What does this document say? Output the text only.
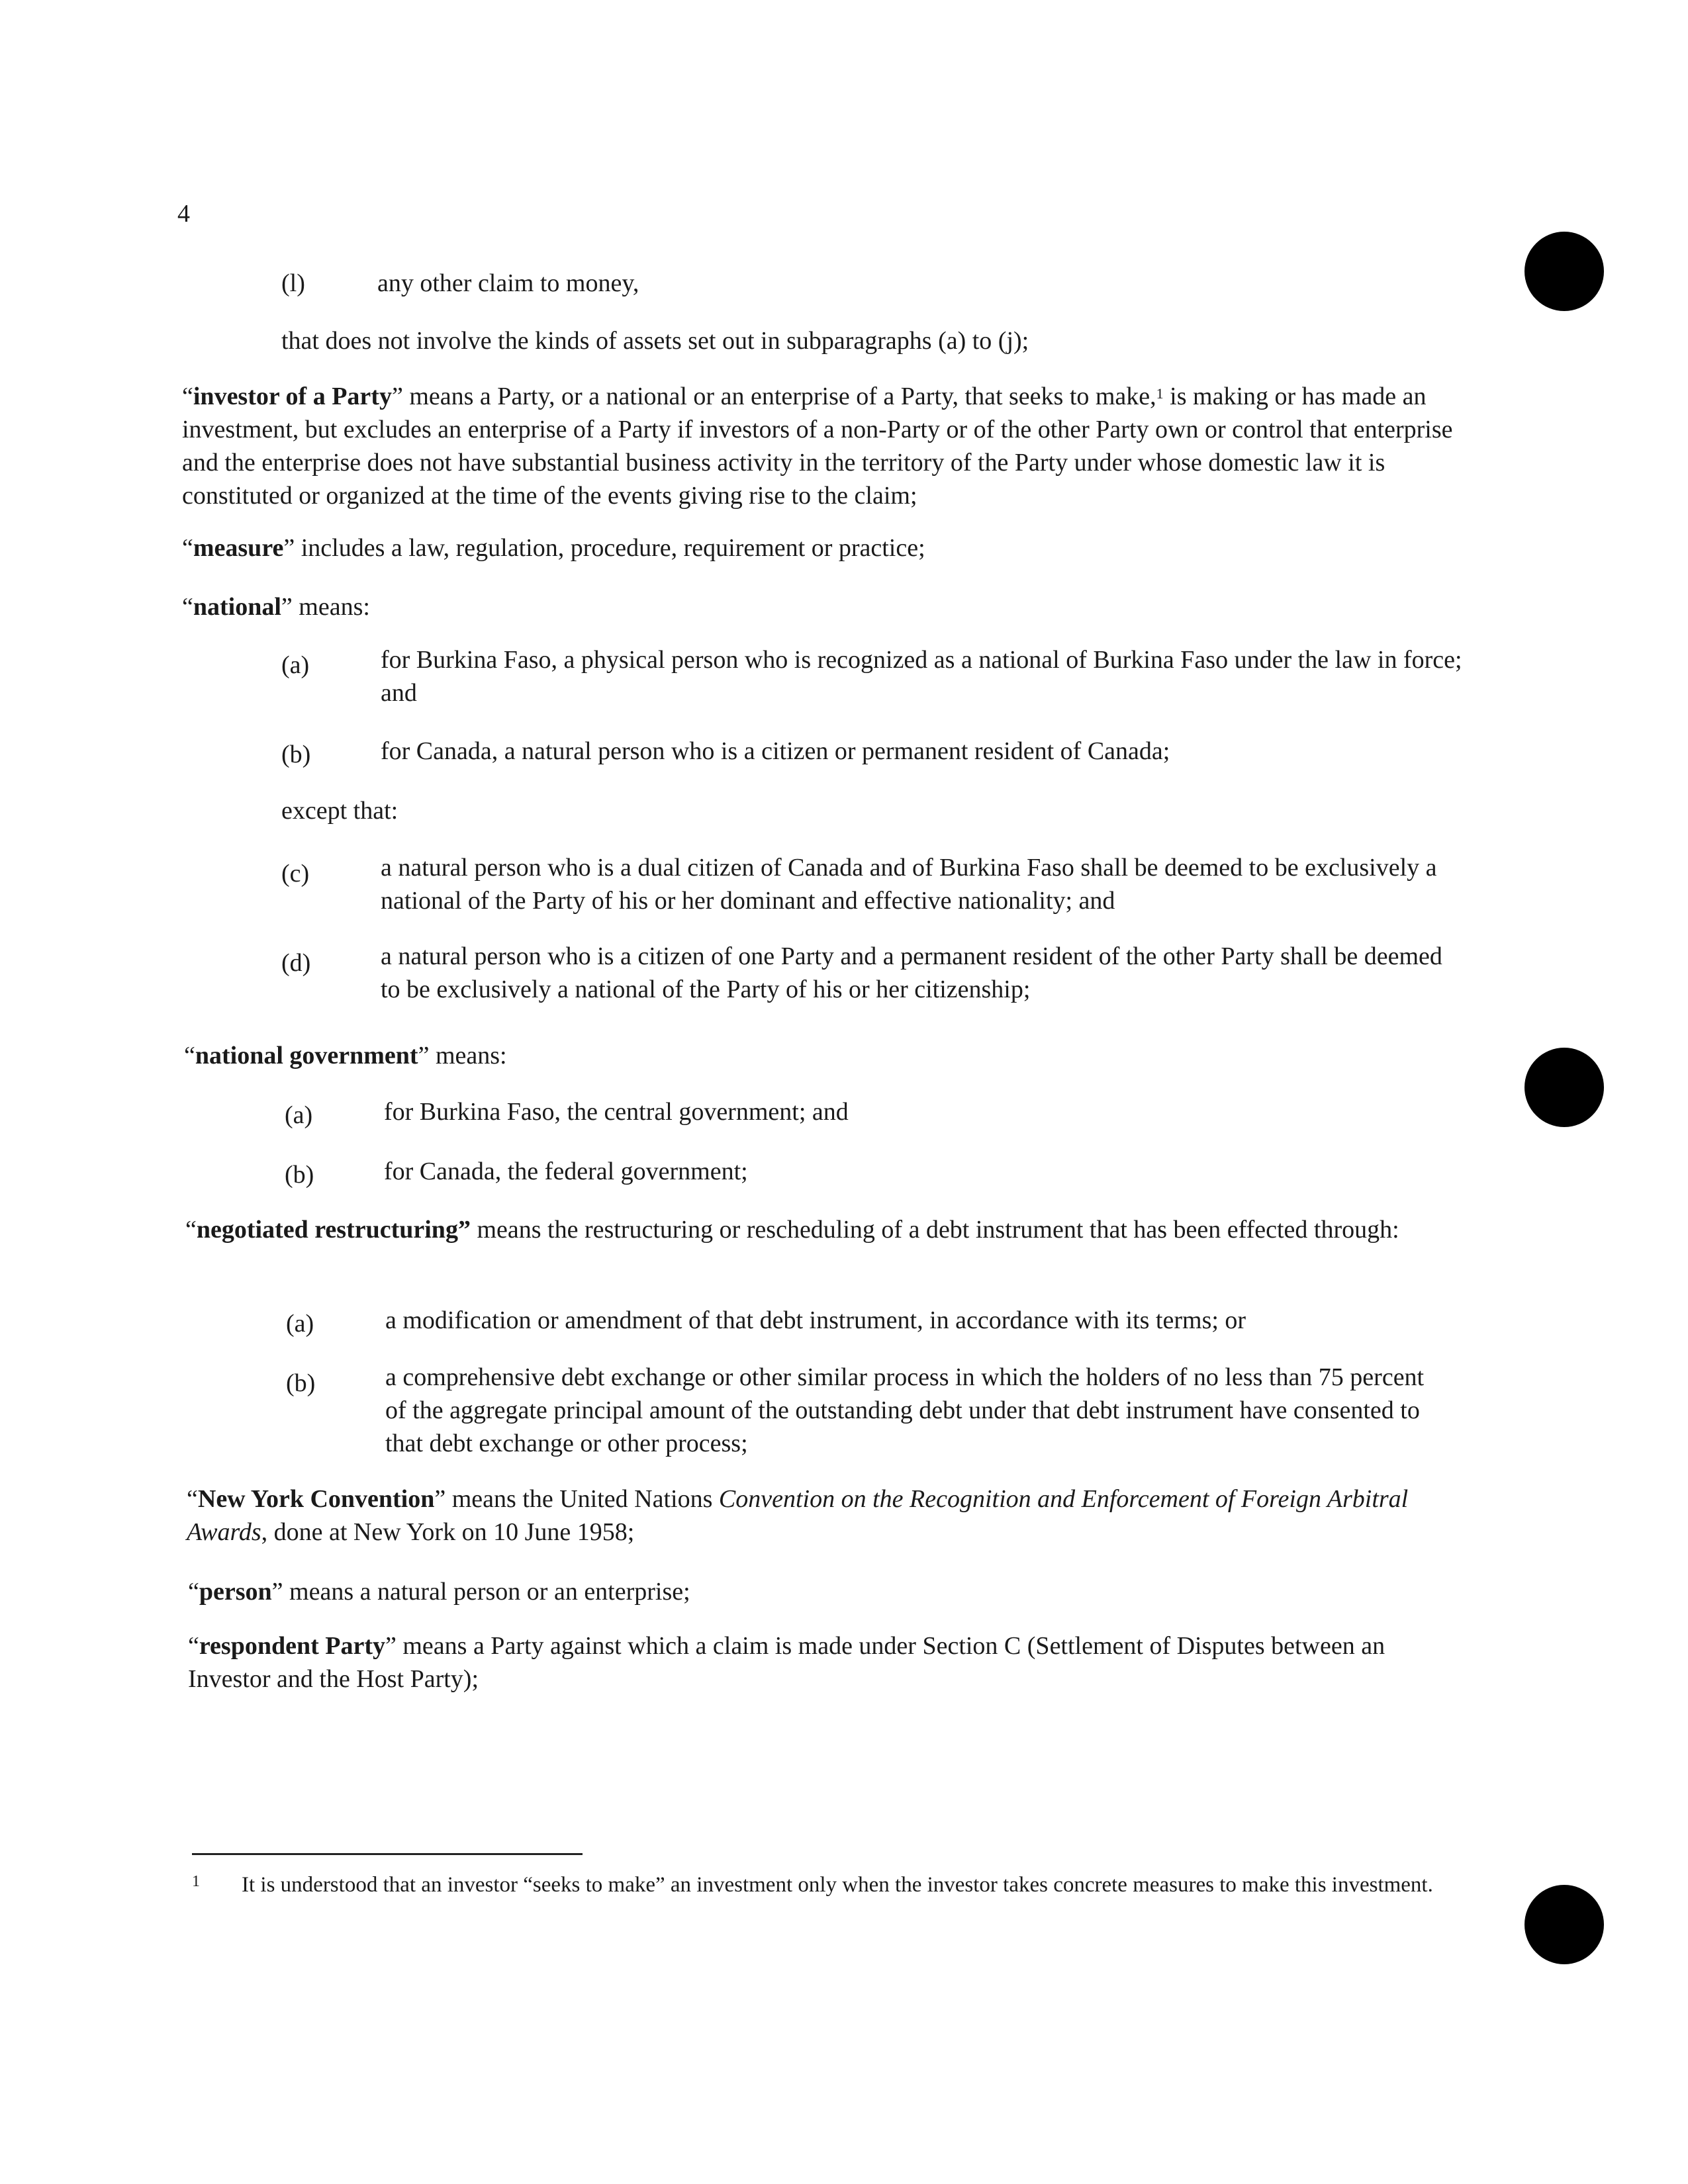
4
(l)	any other claim to money,
that does not involve the kinds of assets set out in subparagraphs (a) to (j);

“investor of a Party” means a Party, or a national or an enterprise of a Party, that seeks to make,$^1$ is making or has made an investment, but excludes an enterprise of a Party if investors of a non-Party or of the other Party own or control that enterprise and the enterprise does not have substantial business activity in the territory of the Party under whose domestic law it is constituted or organized at the time of the events giving rise to the claim;

“measure” includes a law, regulation, procedure, requirement or practice;

“national” means:

(a)	for Burkina Faso, a physical person who is recognized as a national of Burkina Faso under the law in force; and

(b)	for Canada, a natural person who is a citizen or permanent resident of Canada;
except that:
(c)	a natural person who is a dual citizen of Canada and of Burkina Faso shall be deemed to be exclusively a national of the Party of his or her dominant and effective nationality; and

(d)	a natural person who is a citizen of one Party and a permanent resident of the other Party shall be deemed to be exclusively a national of the Party of his or her citizenship;

“national government” means:

(a)	for Burkina Faso, the central government; and
(b)	for Canada, the federal government;

“negotiated restructuring” means the restructuring or rescheduling of a debt instrument that has been effected through:

(a)	a modification or amendment of that debt instrument, in accordance with its terms; or
(b)	a comprehensive debt exchange or other similar process in which the holders of no less than 75 percent of the aggregate principal amount of the outstanding debt under that debt instrument have consented to that debt exchange or other process;

“New York Convention” means the United Nations Convention on the Recognition and Enforcement of Foreign Arbitral Awards, done at New York on 10 June 1958;

“person” means a natural person or an enterprise;

“respondent Party” means a Party against which a claim is made under Section C (Settlement of Disputes between an Investor and the Host Party);

1	It is understood that an investor “seeks to make” an investment only when the investor takes concrete measures to make this investment.
